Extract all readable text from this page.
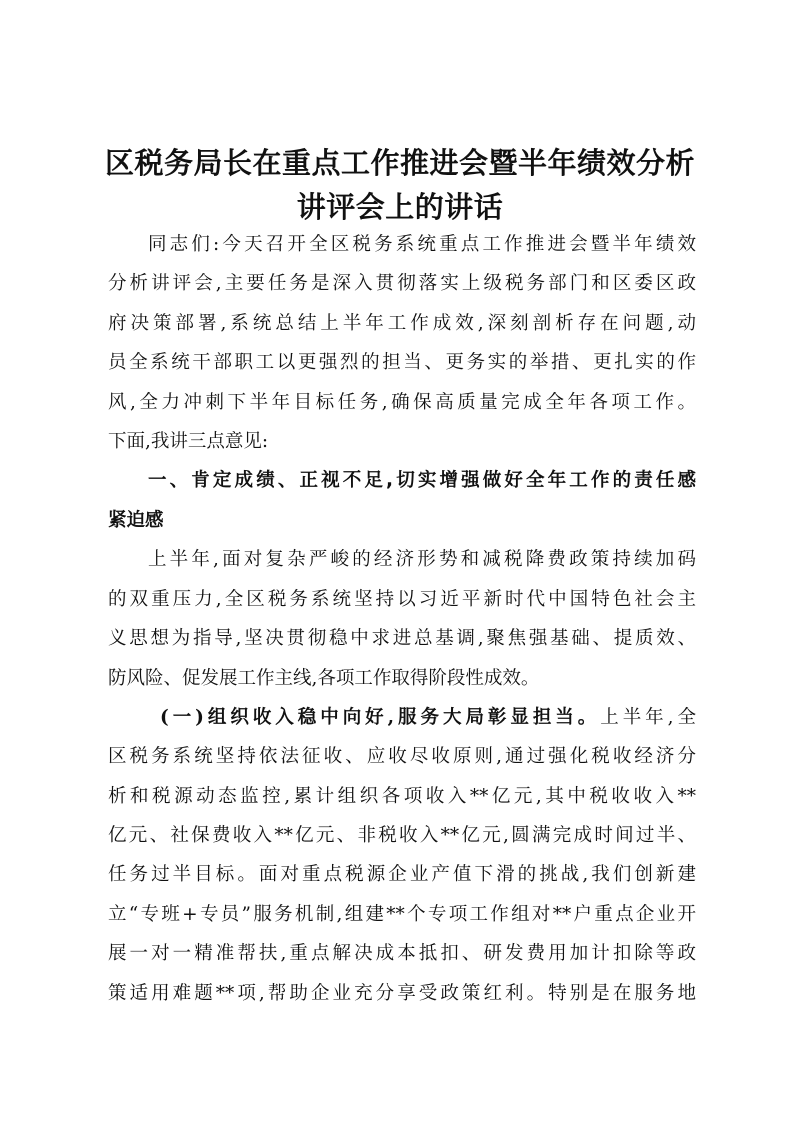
区税务局长在重点工作推进会暨半年绩效分析
讲评会上的讲话
同志们:今天召开全区税务系统重点工作推进会暨半年绩效
分析讲评会,主要任务是深入贯彻落实上级税务部门和区委区政
府决策部署,系统总结上半年工作成效,深刻剖析存在问题,动
员全系统干部职工以更强烈的担当、更务实的举措、更扎实的作
风,全力冲刺下半年目标任务,确保高质量完成全年各项工作。
下面,我讲三点意见:
一、肯定成绩、正视不足,切实增强做好全年工作的责任感
紧迫感
上半年,面对复杂严峻的经济形势和减税降费政策持续加码
的双重压力,全区税务系统坚持以习近平新时代中国特色社会主
义思想为指导,坚决贯彻稳中求进总基调,聚焦强基础、提质效、
防风险、促发展工作主线,各项工作取得阶段性成效。
(一)组织收入稳中向好,服务大局彰显担当。上半年,全
区税务系统坚持依法征收、应收尽收原则,通过强化税收经济分
析和税源动态监控,累计组织各项收入**亿元,其中税收收入**
亿元、社保费收入**亿元、非税收入**亿元,圆满完成时间过半、
任务过半目标。面对重点税源企业产值下滑的挑战,我们创新建
立“专班+专员”服务机制,组建**个专项工作组对**户重点企业开
展一对一精准帮扶,重点解决成本抵扣、研发费用加计扣除等政
策适用难题**项,帮助企业充分享受政策红利。特别是在服务地
